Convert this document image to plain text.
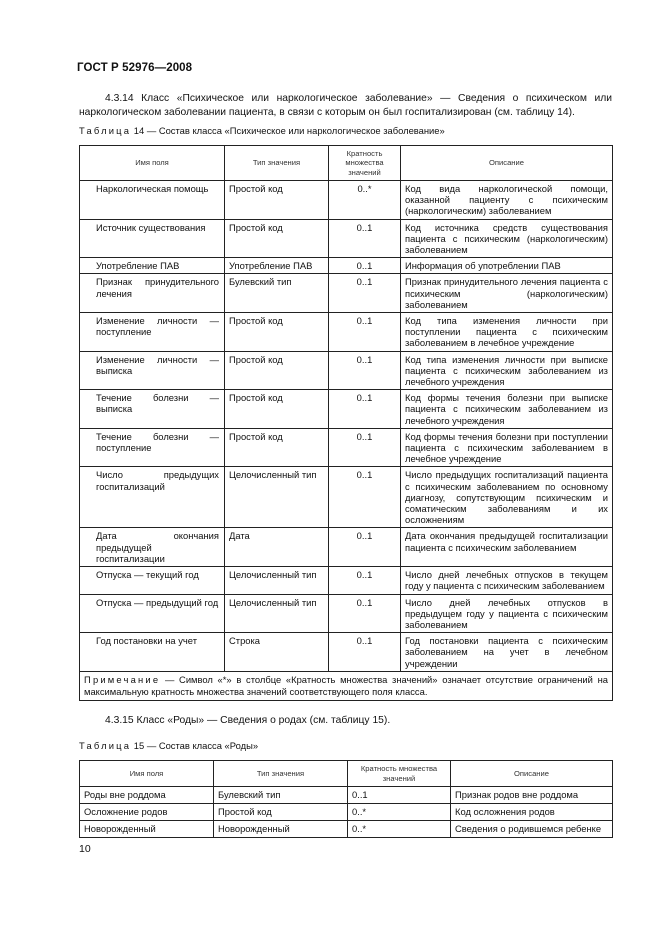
ГОСТ Р 52976—2008
4.3.14 Класс «Психическое или наркологическое заболевание» — Сведения о психическом или наркологическом заболевании пациента, в связи с которым он был госпитализирован (см. таблицу 14).
Таблица 14 — Состав класса «Психическое или наркологическое заболевание»
Имя поля	Тип значения	Кратность множества значений	Описание
Наркологическая помощь	Простой код	0..*	Код вида наркологической помощи, оказанной пациенту с психическим (наркологическим) заболеванием
Источник существования	Простой код	0..1	Код источника средств существования пациента с психическим (наркологическим) заболеванием
Употребление ПАВ	Употребление ПАВ	0..1	Информация об употреблении ПАВ
Признак принудительного лечения	Булевский тип	0..1	Признак принудительного лечения пациента с психическим (наркологическим) заболеванием
Изменение личности — поступление	Простой код	0..1	Код типа изменения личности при поступлении пациента с психическим заболеванием в лечебное учреждение
Изменение личности — выписка	Простой код	0..1	Код типа изменения личности при выписке пациента с психическим заболеванием из лечебного учреждения
Течение болезни — выписка	Простой код	0..1	Код формы течения болезни при выписке пациента с психическим заболеванием из лечебного учреждения
Течение болезни — поступление	Простой код	0..1	Код формы течения болезни при поступлении пациента с психическим заболеванием в лечебное учреждение
Число предыдущих госпитализаций	Целочисленный тип	0..1	Число предыдущих госпитализаций пациента с психическим заболеванием по основному диагнозу, сопутствующим психическим и соматическим заболеваниям и их осложнениям
Дата окончания предыдущей госпитализации	Дата	0..1	Дата окончания предыдущей госпитализации пациента с психическим заболеванием
Отпуска — текущий год	Целочисленный тип	0..1	Число дней лечебных отпусков в текущем году у пациента с психическим заболеванием
Отпуска — предыдущий год	Целочисленный тип	0..1	Число дней лечебных отпусков в предыдущем году у пациента с психическим заболеванием
Год постановки на учет	Строка	0..1	Год постановки пациента с психическим заболеванием на учет в лечебном учреждении
Примечание — Символ «*» в столбце «Кратность множества значений» означает отсутствие ограничений на максимальную кратность множества значений соответствующего поля класса.			
4.3.15 Класс «Роды» — Сведения о родах (см. таблицу 15).
Таблица 15 — Состав класса «Роды»
Имя поля	Тип значения	Кратность множества значений	Описание
Роды вне роддома	Булевский тип	0..1	Признак родов вне роддома
Осложнение родов	Простой код	0..*	Код осложнения родов
Новорожденный	Новорожденный	0..*	Сведения о родившемся ребенке
10
